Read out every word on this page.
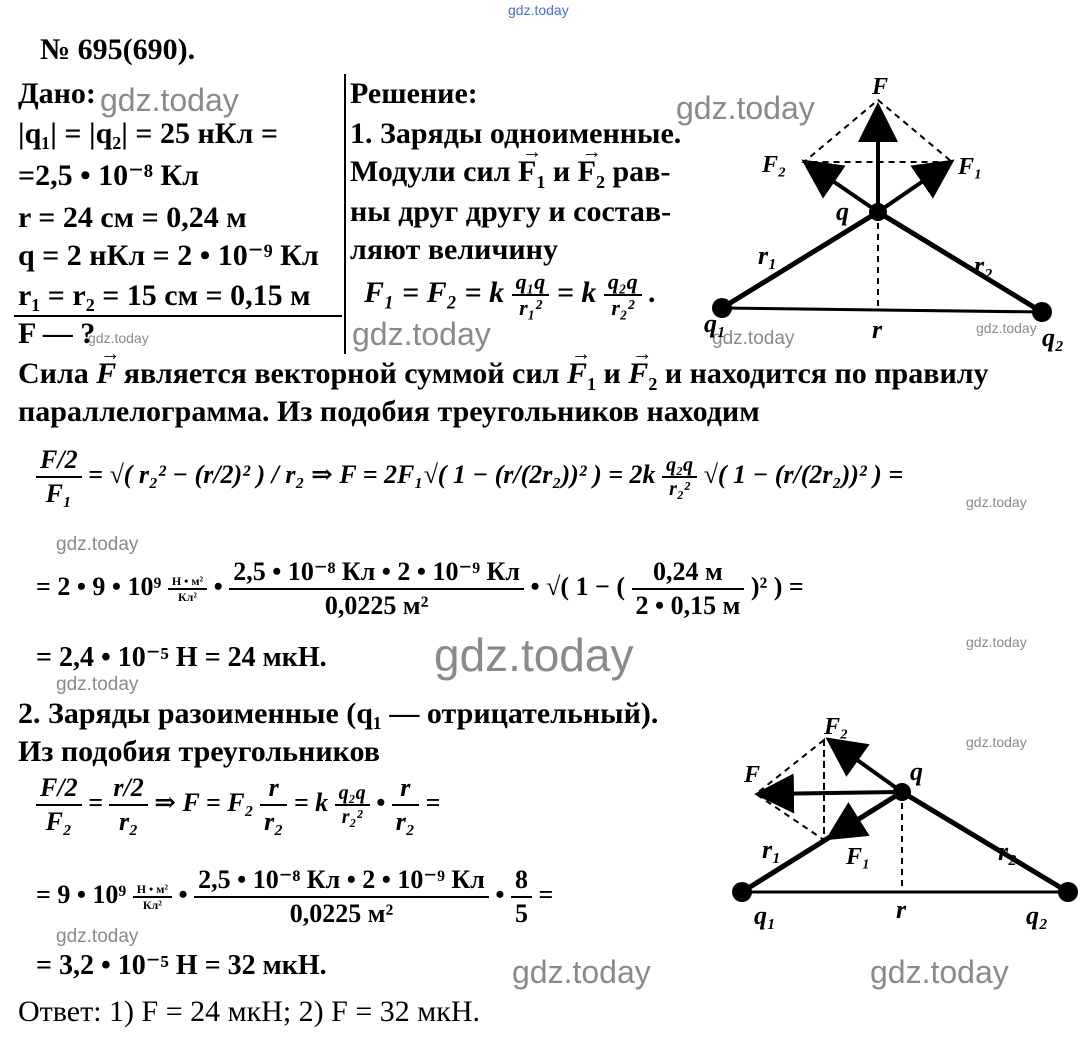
gdz.today
gdz.today	gdz.today
gdz.today
gdz.today	gdz.today	gdz.today
gdz.today
gdz.today
gdz.today
gdz.today
gdz.today
gdz.today
gdz.today
gdz.today	gdz.today
№ 695(690).
Дано:
|q₁| = |q₂| = 25 нКл =
=2,5 • 10⁻⁸ Кл
r = 24 см = 0,24 м
q = 2 нКл = 2 • 10⁻⁹ Кл
r₁ = r₂ = 15 см = 0,15 м
F — ?
Решение:
1. Заряды одноименные.
Модули сил → $F_1$ $и \to F_2$ рав-
ны друг другу и состав-
ляют величину
F₁ = F₂ = k $\frac{\text{q₁q}}{\text{r₁²}} = k \frac{\text{q₂q}}{\text{r₂²}}$ .
Сила → F является векторной суммой сил → $F_1$ $и \to F_2$ и находится по правилу
параллелограмма. Из подобия треугольников находим
$\frac{F/2}{\text{F₁}}$ = √( r₂² − (r/2)² ) / r₂ ⇒ F = 2F₁√( 1 − (r/(2r₂))² ) = $2k \frac{\text{q₂q}}{\text{r₂²}}$ √( 1 − (r/(2r₂))² ) =
= 2 • 9 • $10^9 \frac{\text{Н • м²}}{\text{Кл²}}$ • $\frac{\text{2,5 • 10⁻⁸ Кл • 2 • 10⁻⁹ Кл}}{\text{0,0225 м²}}$ • √( 1 − ( $\frac{0,24 м}{2 • 0,15 м} )^2$ ) =
= 2,4 • 10⁻⁵ Н = 24 мкН.
2. Заряды разоименные (q₁ — отрицательный).
Из подобия треугольников
$\frac{F/2}{\text{F₂}} = \frac{r/2}{\text{r₂}}$ ⇒ $F = F_2 \frac{r}{\text{r₂}} = k \frac{\text{q₂q}}{\text{r₂²}}$ • $\frac{r}{\text{r₂}}$ =
= 9 • $10^9 \frac{\text{Н • м²}}{\text{Кл²}}$ • $\frac{\text{2,5 • 10⁻⁸ Кл • 2 • 10⁻⁹ Кл}}{\text{0,0225 м²}}$ • $\frac{8}{5}$ =
= 3,2 • 10⁻⁵ Н = 32 мкН.
Ответ: 1) F = 24 мкН; 2) F = 32 мкН.
F
F₁
F₂
q
r₁	r₂
r
q₁	q₂
F₂
F
F₁
q
r₁	r₂
r
q₁	q₂
